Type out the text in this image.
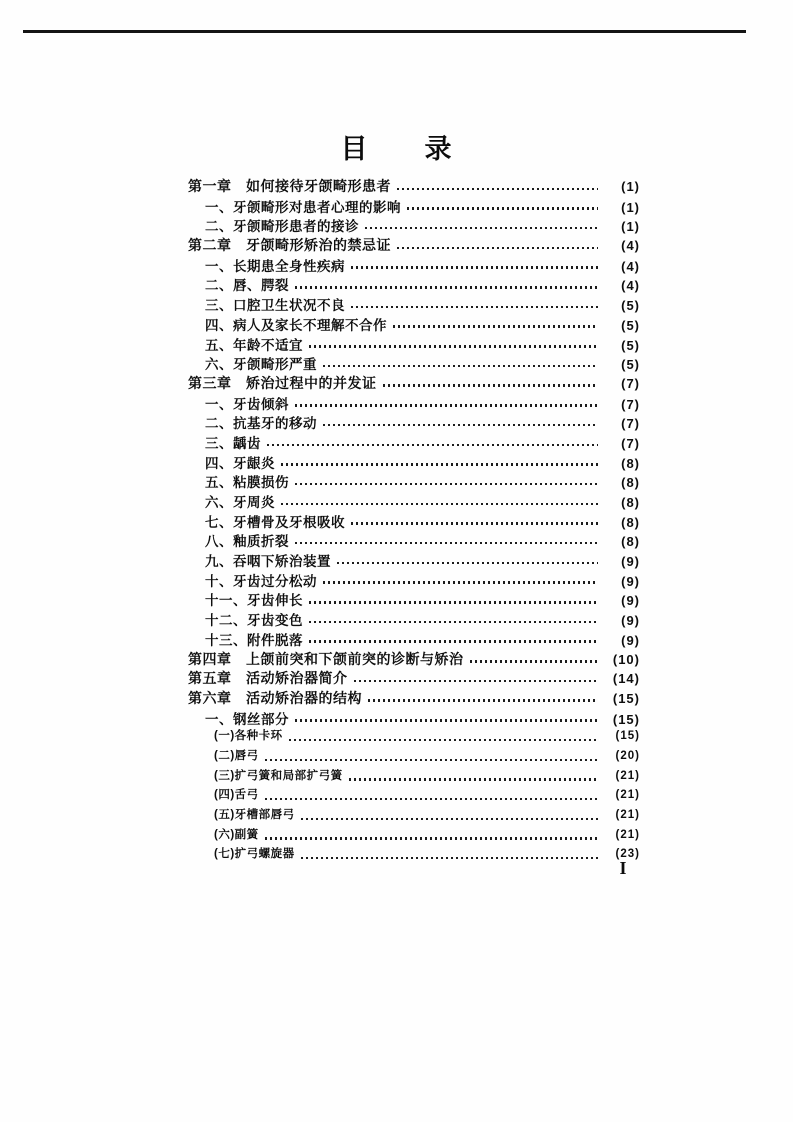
目　　录
第一章　如何接待牙颌畸形患者	(1)
一、牙颌畸形对患者心理的影响	(1)
二、牙颌畸形患者的接诊	(1)
第二章　牙颌畸形矫治的禁忌证	(4)
一、长期患全身性疾病	(4)
二、唇、腭裂	(4)
三、口腔卫生状况不良	(5)
四、病人及家长不理解不合作	(5)
五、年龄不适宜	(5)
六、牙颌畸形严重	(5)
第三章　矫治过程中的并发证	(7)
一、牙齿倾斜	(7)
二、抗基牙的移动	(7)
三、龋齿	(7)
四、牙龈炎	(8)
五、粘膜损伤	(8)
六、牙周炎	(8)
七、牙槽骨及牙根吸收	(8)
八、釉质折裂	(8)
九、吞咽下矫治装置	(9)
十、牙齿过分松动	(9)
十一、牙齿伸长	(9)
十二、牙齿变色	(9)
十三、附件脱落	(9)
第四章　上颌前突和下颌前突的诊断与矫治	(10)
第五章　活动矫治器简介	(14)
第六章　活动矫治器的结构	(15)
一、钢丝部分	(15)
(一)各种卡环	(15)
(二)唇弓	(20)
(三)扩弓簧和局部扩弓簧	(21)
(四)舌弓	(21)
(五)牙槽部唇弓	(21)
(六)副簧	(21)
(七)扩弓螺旋器	(23)
I
